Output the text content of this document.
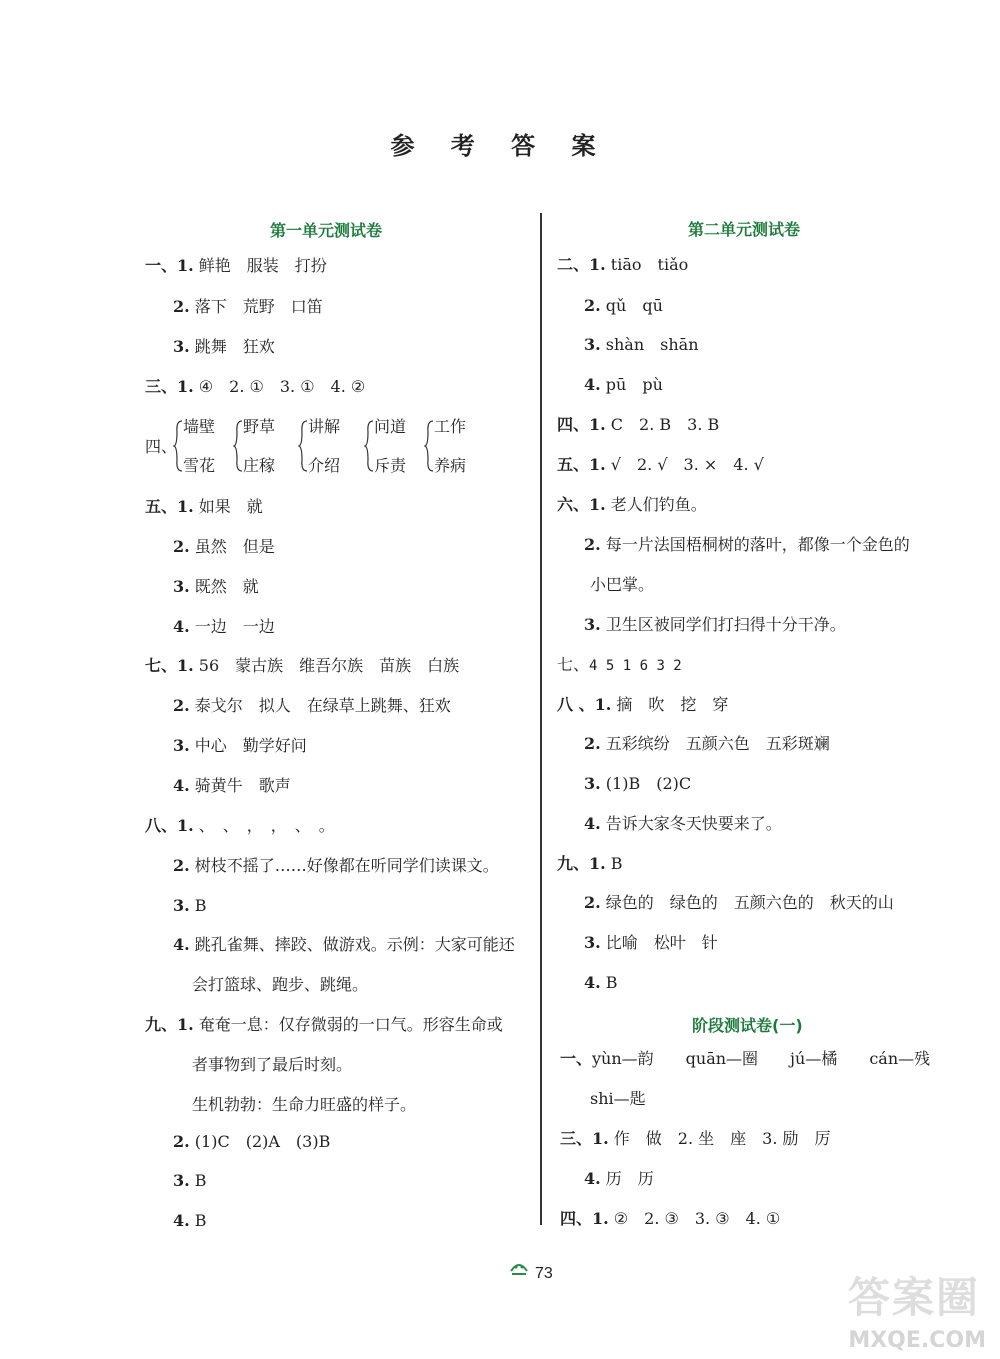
参 考 答 案
第一单元测试卷
一、1. 鲜艳　服装　打扮
2. 落下　荒野　口笛
3. 跳舞　狂欢
三、1. ④　2. ①　3. ①　4. ②
五、1. 如果　就
2. 虽然　但是
3. 既然　就
4. 一边　一边
七、1. 56　蒙古族　维吾尔族　苗族　白族
2. 泰戈尔　拟人　在绿草上跳舞、狂欢
3. 中心　勤学好问
4. 骑黄牛　歌声
八、1. 、　、　，　，　、　。
2. 树枝不摇了……好像都在听同学们读课文。
3. B
4. 跳孔雀舞、摔跤、做游戏。示例：大家可能还
会打篮球、跑步、跳绳。
九、1. 奄奄一息：仅存微弱的一口气。形容生命或
者事物到了最后时刻。
生机勃勃：生命力旺盛的样子。
2. (1)C　(2)A　(3)B
3. B
4. B
四、
墙壁
雪花
野草
庄稼
讲解
介绍
问道
斥责
工作
养病
第二单元测试卷
二、1. tiāo　tiǎo
2. qǔ　qū
3. shàn　shān
4. pū　pù
四、1. C　2. B　3. B
五、1. √　2. √　3. ×　4. √
六、1. 老人们钓鱼。
2. 每一片法国梧桐树的落叶，都像一个金色的
小巴掌。
3. 卫生区被同学们打扫得十分干净。
七、4 5 1 6 3 2
八 、1. 摘　吹　挖　穿
2. 五彩缤纷　五颜六色　五彩斑斓
3. (1)B　(2)C
4. 告诉大家冬天快要来了。
九、1. B
2. 绿色的　绿色的　五颜六色的　秋天的山
3. 比喻　松叶　针
4. B
阶段测试卷(一)
一、yùn—韵　　quān—圈　　jú—橘　　cán—残
shi—匙
三、1. 作　做　2. 坐　座　3. 励　厉
4. 历　历
四、1. ②　2. ③　3. ③　4. ①
73	答案圈
MXQE.COM
